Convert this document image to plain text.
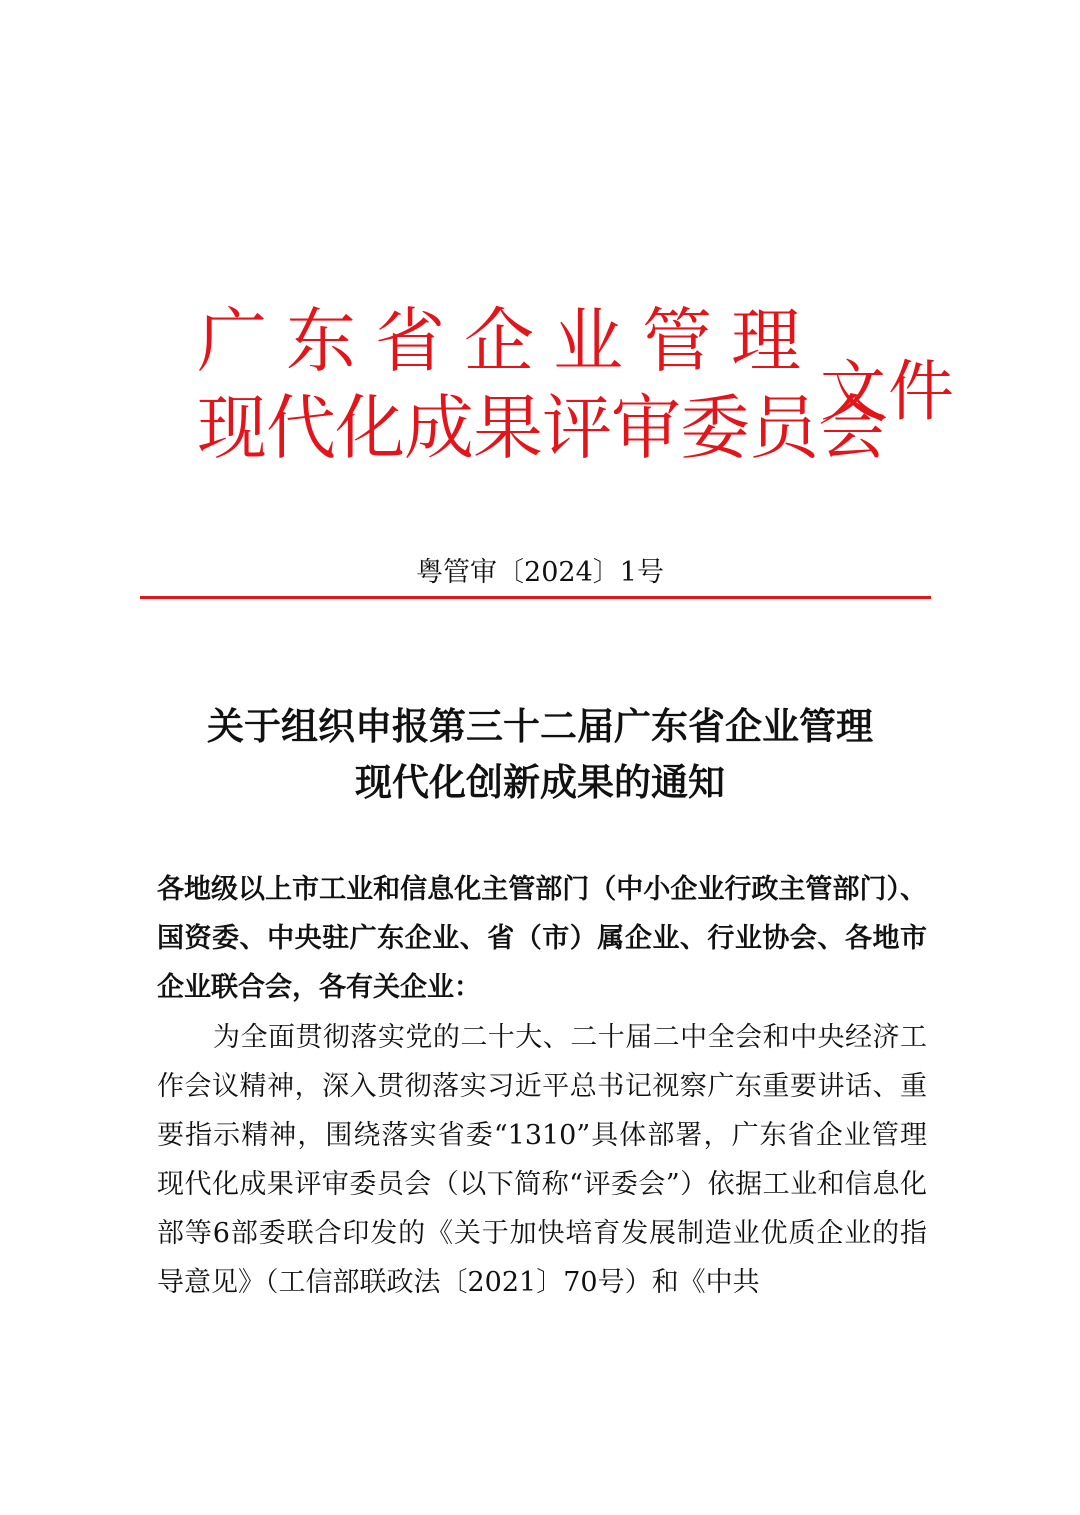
广东省企业管理
现代化成果评审委员会
文件
粤管审〔2024〕1号
关于组织申报第三十二届广东省企业管理
现代化创新成果的通知
各地级以上市工业和信息化主管部门（中小企业行政主管部门）、国资委、中央驻广东企业、省（市）属企业、行业协会、各地市企业联合会，各有关企业：
为全面贯彻落实党的二十大、二十届二中全会和中央经济工作会议精神，深入贯彻落实习近平总书记视察广东重要讲话、重要指示精神，围绕落实省委“1310”具体部署，广东省企业管理现代化成果评审委员会（以下简称“评委会”）依据工业和信息化部等6部委联合印发的《关于加快培育发展制造业优质企业的指导意见》（工信部联政法〔2021〕70号）和《中共
